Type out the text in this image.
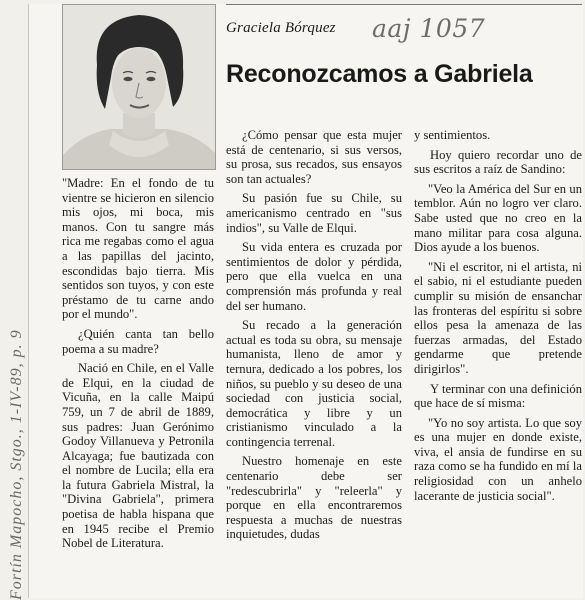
Graciela Bórquez aaj 1057
Reconozcamos a Gabriela

"Madre: En el fondo de tu vientre se hicieron en silencio mis ojos, mi boca, mis manos. Con tu sangre más rica me regabas como el agua a las papillas del jacinto, escondidas bajo tierra. Mis sentidos son tuyos, y con este préstamo de tu carne ando por el mundo".

¿Quién canta tan bello poema a su madre?

Nació en Chile, en el Valle de Elqui, en la ciudad de Vicuña, en la calle Maipú 759, un 7 de abril de 1889, sus padres: Juan Gerónimo Godoy Villanueva y Petronila Alcayaga; fue bautizada con el nombre de Lucila; ella era la futura Gabriela Mistral, la "Divina Gabriela", primera poetisa de habla hispana que en 1945 recibe el Premio Nobel de Literatura.

¿Cómo pensar que esta mujer está de centenario, si sus versos, su prosa, sus recados, sus ensayos son tan actuales?

Su pasión fue su Chile, su americanismo centrado en "sus indios", su Valle de Elqui.

Su vida entera es cruzada por sentimientos de dolor y pérdida, pero que ella vuelca en una comprensión más profunda y real del ser humano.

Su recado a la generación actual es toda su obra, su mensaje humanista, lleno de amor y ternura, dedicado a los pobres, los niños, su pueblo y su deseo de una sociedad con justicia social, democrática y libre y un cristianismo vinculado a la contingencia terrenal.

Nuestro homenaje en este centenario debe ser "redescubrirla" y "releerla" y porque en ella encontraremos respuesta a muchas de nuestras inquietudes, dudas

y sentimientos.

Hoy quiero recordar uno de sus escritos a raíz de Sandino:

"Veo la América del Sur en un temblor. Aún no logro ver claro. Sabe usted que no creo en la mano militar para cosa alguna. Dios ayude a los buenos.

"Ni el escritor, ni el artista, ni el sabio, ni el estudiante pueden cumplir su misión de ensanchar las fronteras del espíritu si sobre ellos pesa la amenaza de las fuerzas armadas, del Estado gendarme que pretende dirigirlos".

Y terminar con una definición que hace de sí misma:

"Yo no soy artista. Lo que soy es una mujer en donde existe, viva, el ansia de fundirse en su raza como se ha fundido en mí la religiosidad con un anhelo lacerante de justicia social".

Fortín Mapocho, Stgo., 1-IV-89, p. 9
